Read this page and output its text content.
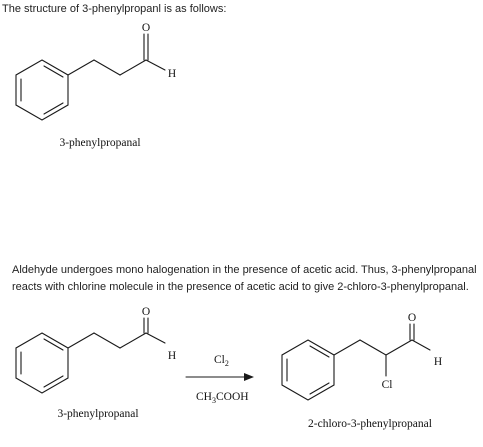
The structure of 3-phenylpropanl is as follows:
Aldehyde undergoes mono halogenation in the presence of acetic acid. Thus, 3-phenylpropanal
reacts with chlorine molecule in the presence of acetic acid to give 2-chloro-3-phenylpropanal.
O
H
3-phenylpropanal
O
H
3-phenylpropanal
$Cl_2$
$CH_3COOH$
O
H
Cl
2-chloro-3-phenylpropanal
